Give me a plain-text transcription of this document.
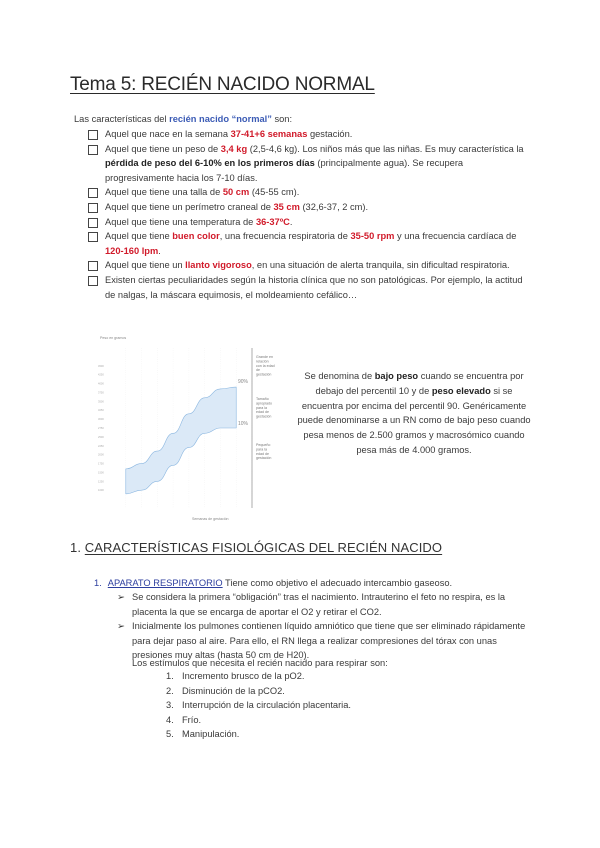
Tema 5: RECIÉN NACIDO NORMAL
Las características del recién nacido “normal” son:
Aquel que nace en la semana 37-41+6 semanas gestación.
Aquel que tiene un peso de 3,4 kg (2,5-4,6 kg). Los niños más que las niñas. Es muy característica la pérdida de peso del 6-10% en los primeros días (principalmente agua). Se recupera progresivamente hacia los 7-10 días.
Aquel que tiene una talla de 50 cm (45-55 cm).
Aquel que tiene un perímetro craneal de 35 cm (32,6-37, 2 cm).
Aquel que tiene una temperatura de 36-37ºC.
Aquel que tiene buen color, una frecuencia respiratoria de 35-50 rpm y una frecuencia cardíaca de 120-160 lpm.
Aquel que tiene un llanto vigoroso, en una situación de alerta tranquila, sin dificultad respiratoria.
Existen ciertas peculiaridades según la historia clínica que no son patológicas. Por ejemplo, la actitud de nalgas, la máscara equimosis, el moldeamiento cefálico…
1000
1250
1500
1750
2000
2250
2500
2750
3000
3250
3500
3750
4000
4250
4500
Peso en gramos
90%
10%
Grande en relación con la edad de gestación
Tamaño apropiado para la edad de gestación
Pequeño para la edad de gestación
Semanas de gestación
Se denomina de bajo peso cuando se encuentra por debajo del percentil 10 y de peso elevado si se encuentra por encima del percentil 90. Genéricamente puede denominarse a un RN como de bajo peso cuando pesa menos de 2.500 gramos y macrosómico cuando pesa más de 4.000 gramos.
1. CARACTERÍSTICAS FISIOLÓGICAS DEL RECIÉN NACIDO
1. APARATO RESPIRATORIO Tiene como objetivo el adecuado intercambio gaseoso.
➢ Se considera la primera “obligación” tras el nacimiento. Intrauterino el feto no respira, es la placenta la que se encarga de aportar el O2 y retirar el CO2.
➢ Inicialmente los pulmones contienen líquido amniótico que tiene que ser eliminado rápidamente para dejar paso al aire. Para ello, el RN llega a realizar compresiones del tórax con unas presiones muy altas (hasta 50 cm de H20).
Los estímulos que necesita el recién nacido para respirar son:
1. Incremento brusco de la pO2.
2. Disminución de la pCO2.
3. Interrupción de la circulación placentaria.
4. Frío.
5. Manipulación.
